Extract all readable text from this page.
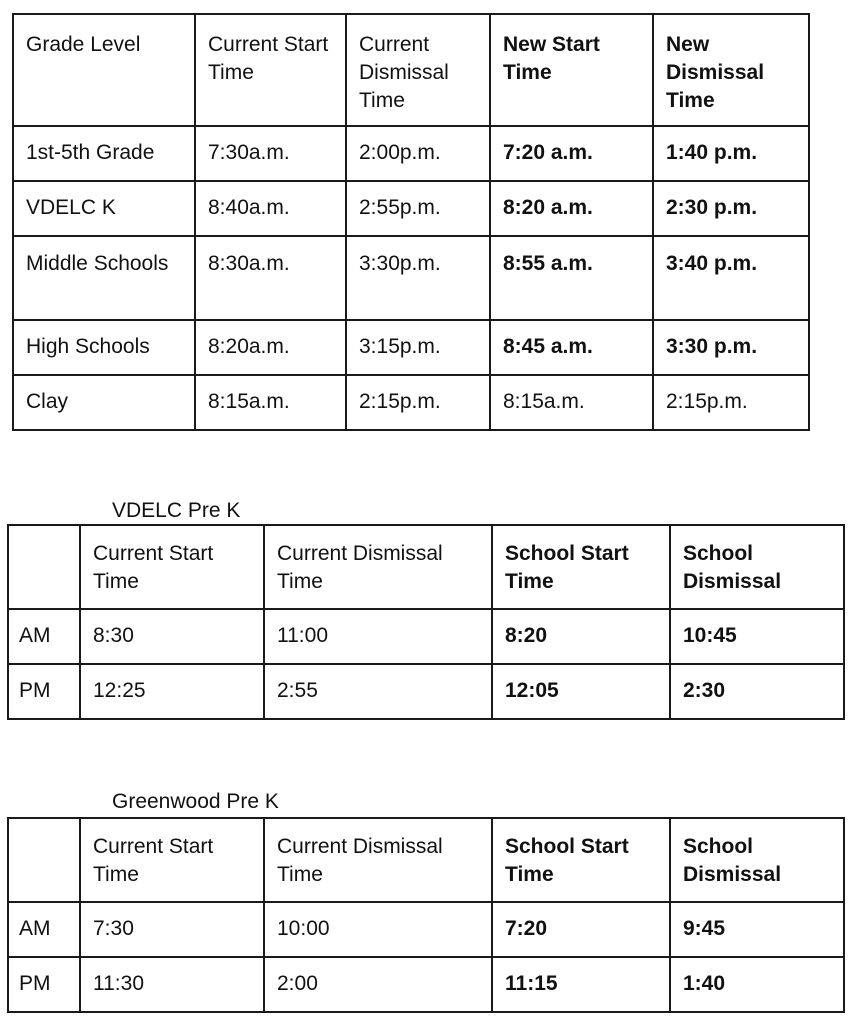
Grade Level	Current Start Time	Current Dismissal Time	New Start Time	New Dismissal Time
1st-5th Grade	7:30a.m.	2:00p.m.	7:20 a.m.	1:40 p.m.
VDELC K	8:40a.m.	2:55p.m.	8:20 a.m.	2:30 p.m.
Middle Schools	8:30a.m.	3:30p.m.	8:55 a.m.	3:40 p.m.
High Schools	8:20a.m.	3:15p.m.	8:45 a.m.	3:30 p.m.
Clay	8:15a.m.	2:15p.m.	8:15a.m.	2:15p.m.
VDELC Pre K
	Current Start Time	Current Dismissal Time	School Start Time	School Dismissal
AM	8:30	11:00	8:20	10:45
PM	12:25	2:55	12:05	2:30
Greenwood Pre K
	Current Start Time	Current Dismissal Time	School Start Time	School Dismissal
AM	7:30	10:00	7:20	9:45
PM	11:30	2:00	11:15	1:40
